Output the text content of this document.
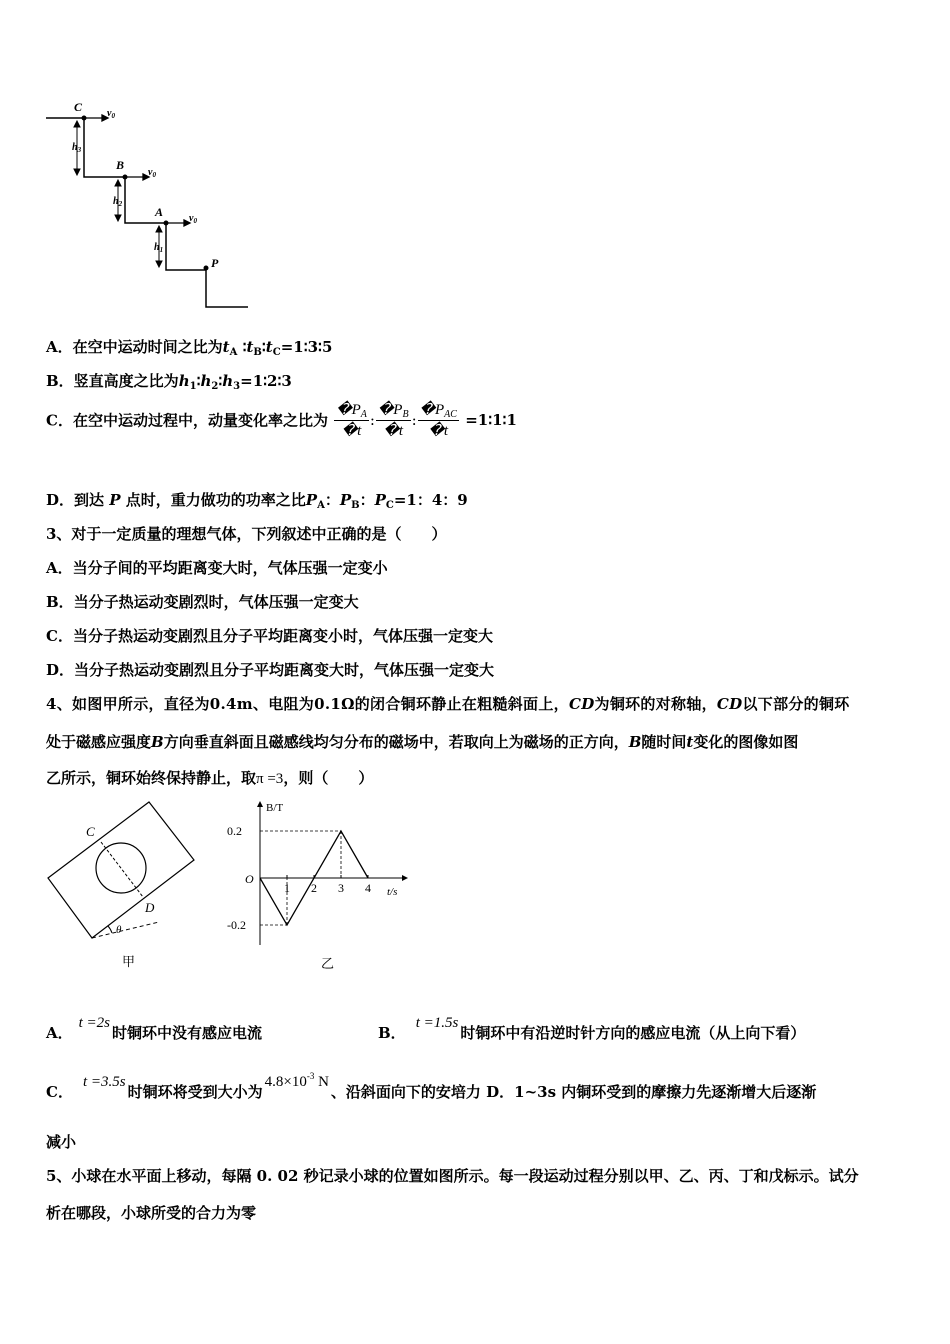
C
B
A
P
$v_0$
$v_0$
$v_0$
$h_3$
$h_2$
$h_1$
A．在空中运动时间之比为$t_A$ $∶t_B∶t_C=1∶3∶5$
B．竖直高度之比为$h_1∶h_2∶h_3=1∶2∶3$
C．在空中运动过程中，动量变化率之比为 $\frac{�P_A}{�t}$ : $\frac{�P_B}{�t}$ : $\frac{�P_{AC}}{�t}$ =1∶1∶1
D．到达 P 点时，重力做功的功率之比$P_A$：$P_B$：$P_C=1$：4：9
3、对于一定质量的理想气体，下列叙述中正确的是（　　）
A．当分子间的平均距离变大时，气体压强一定变小
B．当分子热运动变剧烈时，气体压强一定变大
C．当分子热运动变剧烈且分子平均距离变小时，气体压强一定变大
D．当分子热运动变剧烈且分子平均距离变大时，气体压强一定变大
4、如图甲所示，直径为0.4m、电阻为0.1Ω的闭合铜环静止在粗糙斜面上，CD为铜环的对称轴，CD以下部分的铜环
处于磁感应强度B方向垂直斜面且磁感线均匀分布的磁场中，若取向上为磁场的正方向，B随时间t变化的图像如图
乙所示，铜环始终保持静止，取π =3，则（　　）
C
D
θ
甲
1 2 3 4
0.2
-0.2
B/T
t/s
O
乙
A．t =2s时铜环中没有感应电流	B．t =1.5s时铜环中有沿逆时针方向的感应电流（从上向下看）
C．t =3.5s时铜环将受到大小为$4.8\times 10^{-3}$ N、沿斜面向下的安培力 D．1~3s 内铜环受到的摩擦力先逐渐增大后逐渐
减小
5、小球在水平面上移动，每隔 0. 02 秒记录小球的位置如图所示。每一段运动过程分别以甲、乙、丙、丁和戊标示。试分
析在哪段，小球所受的合力为零
